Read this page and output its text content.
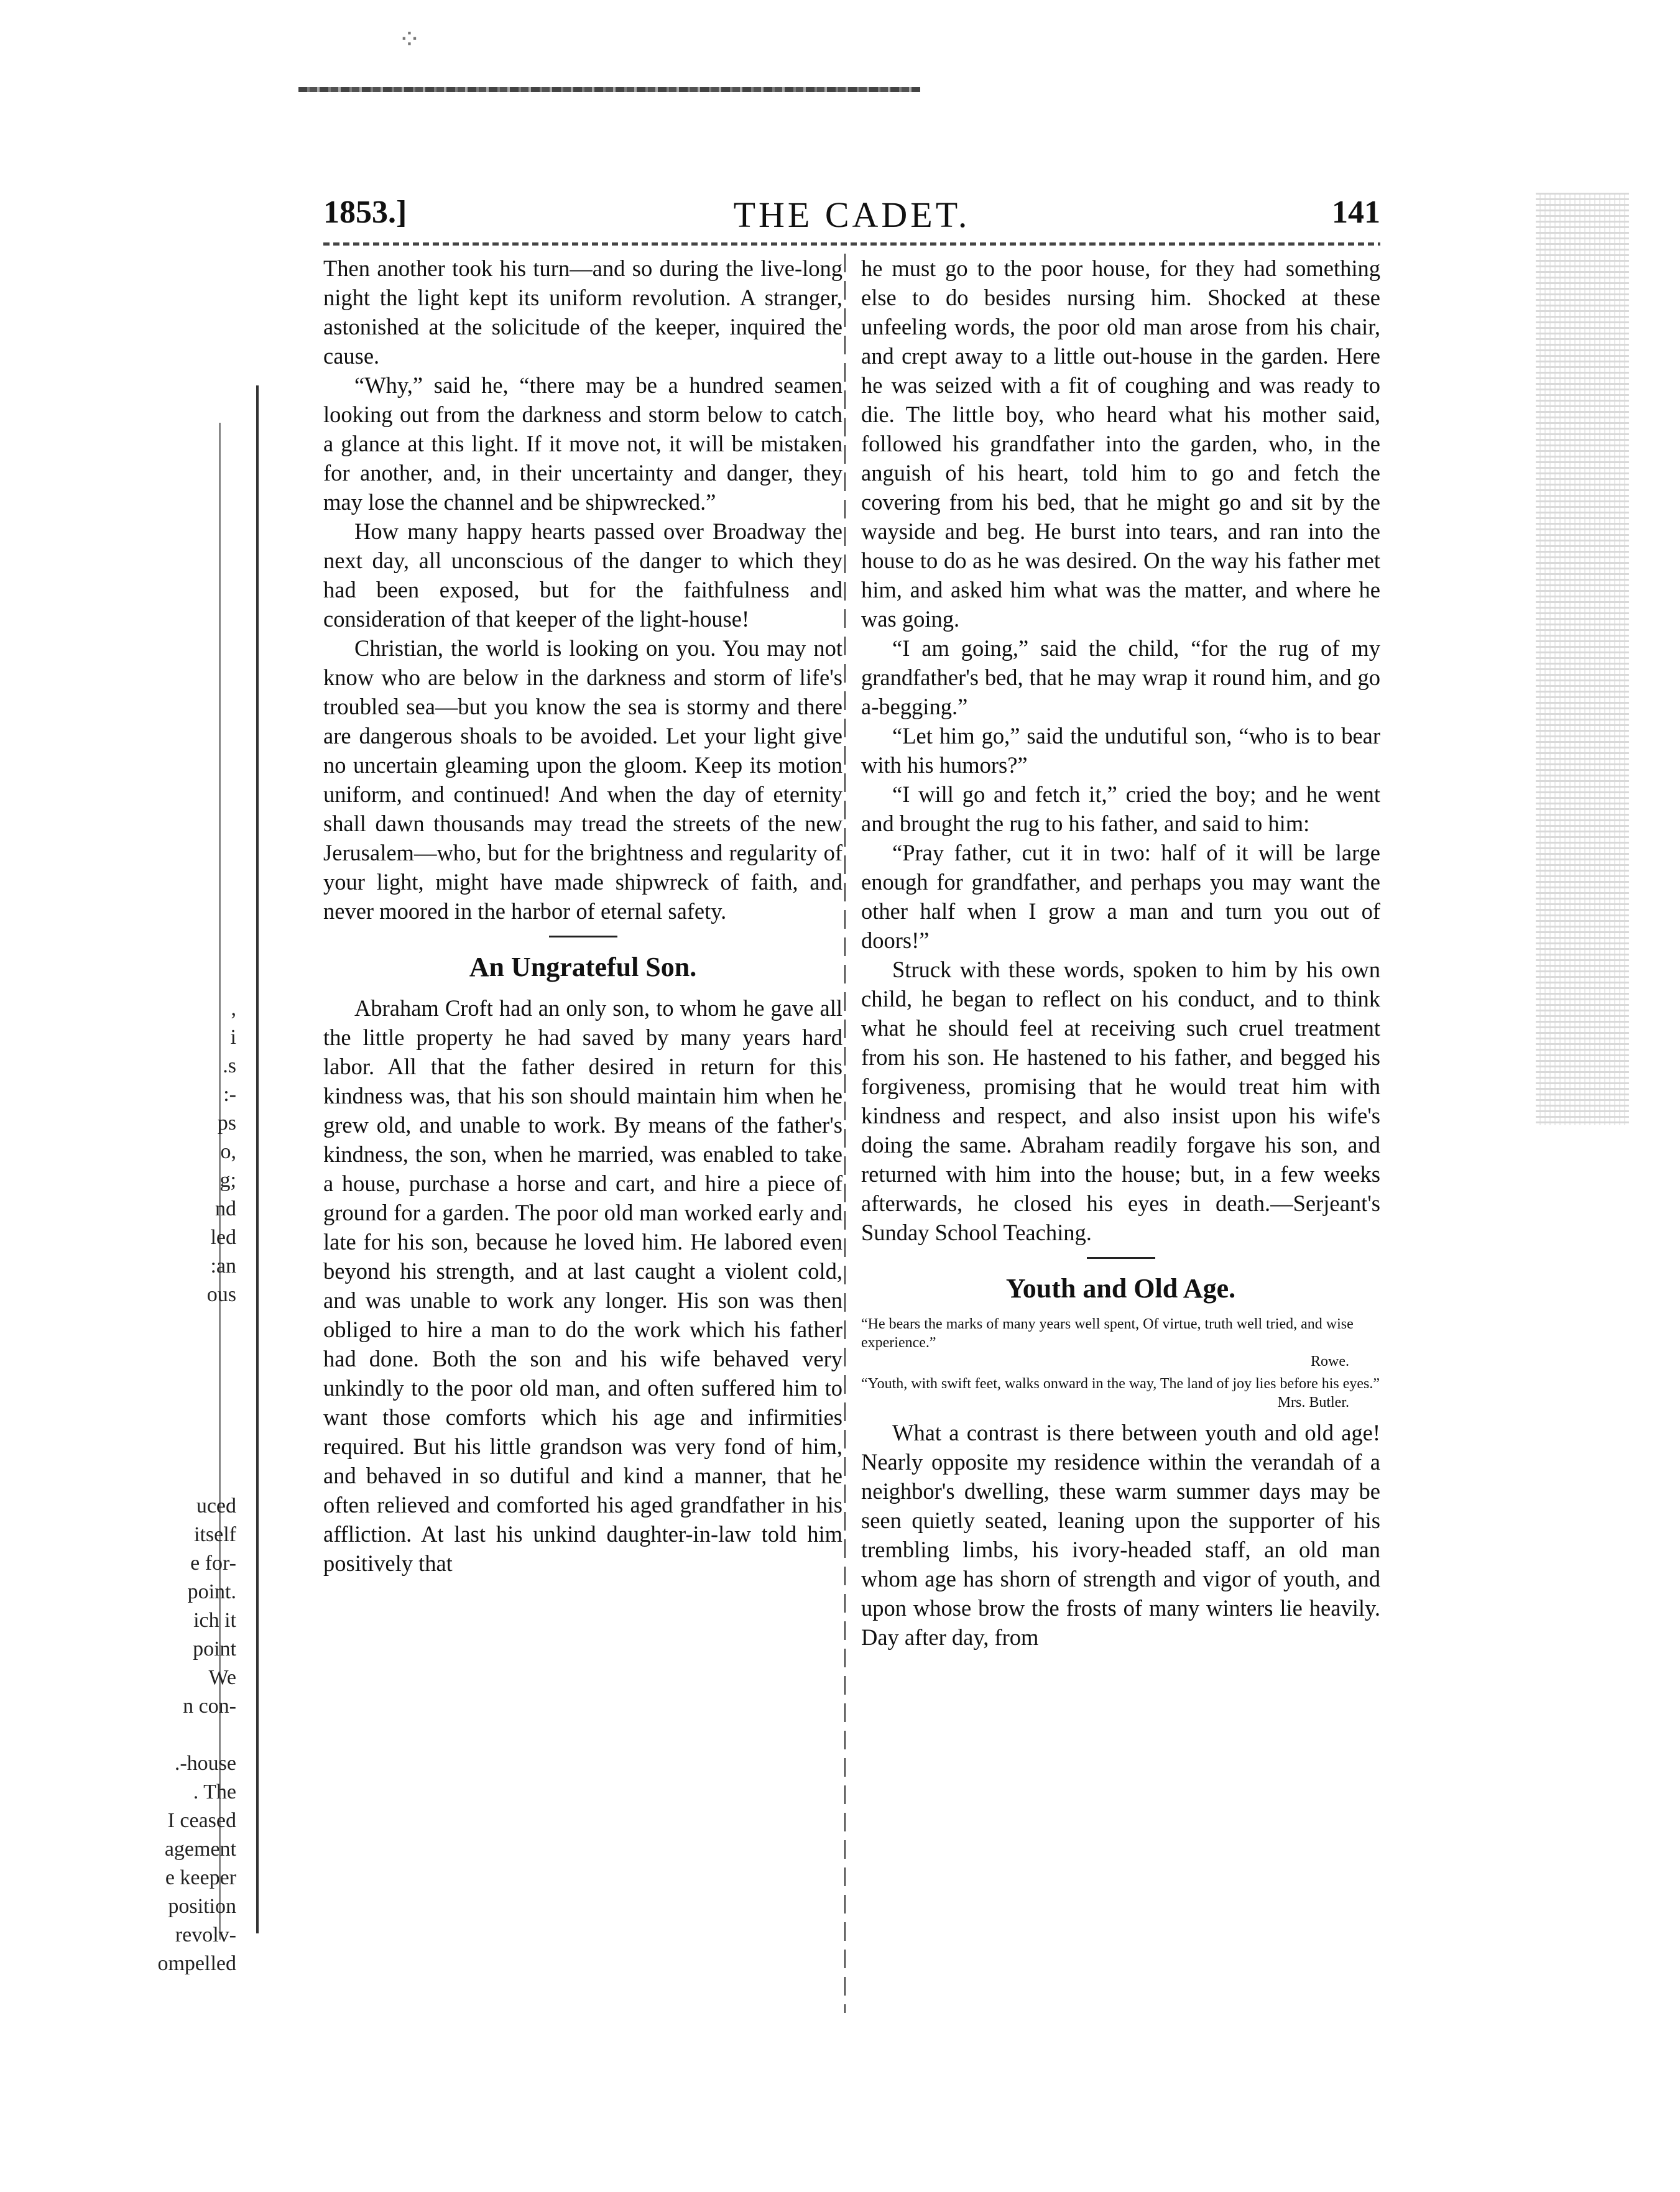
⁘
1853.]	THE CADET.	141
,
i
.s
:-
ps
o,
g;
nd
led
:an
ous
uced
itself
e for-
point.
ich it
point
We
n con-

.-house
. The
I ceased
agement
e keeper
position
revolv-
ompelled

Then another took his turn—and so during the live-long night the light kept its uniform revolution. A stranger, astonished at the solicitude of the keeper, inquired the cause.

“Why,” said he, “there may be a hundred seamen looking out from the darkness and storm below to catch a glance at this light. If it move not, it will be mistaken for another, and, in their uncertainty and danger, they may lose the channel and be shipwrecked.”

How many happy hearts passed over Broadway the next day, all unconscious of the danger to which they had been exposed, but for the faithfulness and consideration of that keeper of the light-house!

Christian, the world is looking on you. You may not know who are below in the darkness and storm of life's troubled sea—but you know the sea is stormy and there are dangerous shoals to be avoided. Let your light give no uncertain gleaming upon the gloom. Keep its motion uniform, and continued! And when the day of eternity shall dawn thousands may tread the streets of the new Jerusalem—who, but for the brightness and regularity of your light, might have made shipwreck of faith, and never moored in the harbor of eternal safety.

An Ungrateful Son.

Abraham Croft had an only son, to whom he gave all the little property he had saved by many years hard labor. All that the father desired in return for this kindness was, that his son should maintain him when he grew old, and unable to work. By means of the father's kindness, the son, when he married, was enabled to take a house, purchase a horse and cart, and hire a piece of ground for a garden. The poor old man worked early and late for his son, because he loved him. He labored even beyond his strength, and at last caught a violent cold, and was unable to work any longer. His son was then obliged to hire a man to do the work which his father had done. Both the son and his wife behaved very unkindly to the poor old man, and often suffered him to want those comforts which his age and infirmities required. But his little grandson was very fond of him, and behaved in so dutiful and kind a manner, that he often relieved and comforted his aged grandfather in his affliction. At last his unkind daughter-in-law told him positively that

he must go to the poor house, for they had something else to do besides nursing him. Shocked at these unfeeling words, the poor old man arose from his chair, and crept away to a little out-house in the garden. Here he was seized with a fit of coughing and was ready to die. The little boy, who heard what his mother said, followed his grandfather into the garden, who, in the anguish of his heart, told him to go and fetch the covering from his bed, that he might go and sit by the wayside and beg. He burst into tears, and ran into the house to do as he was desired. On the way his father met him, and asked him what was the matter, and where he was going.

“I am going,” said the child, “for the rug of my grandfather's bed, that he may wrap it round him, and go a-begging.”

“Let him go,” said the undutiful son, “who is to bear with his humors?”

“I will go and fetch it,” cried the boy; and he went and brought the rug to his father, and said to him:

“Pray father, cut it in two: half of it will be large enough for grandfather, and perhaps you may want the other half when I grow a man and turn you out of doors!”

Struck with these words, spoken to him by his own child, he began to reflect on his conduct, and to think what he should feel at receiving such cruel treatment from his son. He hastened to his father, and begged his forgiveness, promising that he would treat him with kindness and respect, and also insist upon his wife's doing the same. Abraham readily forgave his son, and returned with him into the house; but, in a few weeks afterwards, he closed his eyes in death.—Serjeant's Sunday School Teaching.

Youth and Old Age.

“He bears the marks of many years well spent, Of virtue, truth well tried, and wise experience.”

Rowe.

“Youth, with swift feet, walks onward in the way, The land of joy lies before his eyes.”

Mrs. Butler.

What a contrast is there between youth and old age! Nearly opposite my residence within the verandah of a neighbor's dwelling, these warm summer days may be seen quietly seated, leaning upon the supporter of his trembling limbs, his ivory-headed staff, an old man whom age has shorn of strength and vigor of youth, and upon whose brow the frosts of many winters lie heavily. Day after day, from
